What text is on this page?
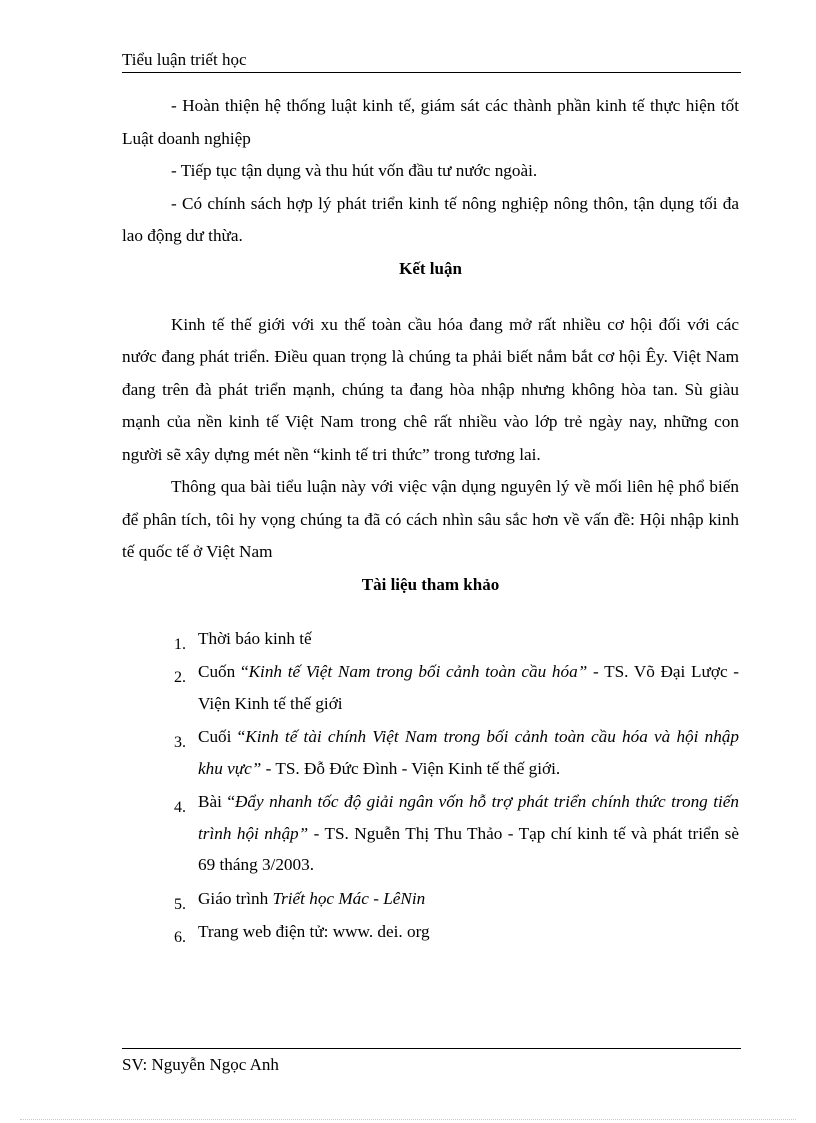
Tiểu luận triết học

- Hoàn thiện hệ thống luật kinh tế, giám sát các thành phần kinh tế thực hiện tốt Luật doanh nghiệp

- Tiếp tục tận dụng và thu hút vốn đầu tư nước ngoài.

- Có chính sách hợp lý phát triển kinh tế nông nghiệp nông thôn, tận dụng tối đa lao động dư thừa.

Kết luận

Kinh tế thế giới với xu thế toàn cầu hóa đang mở rất nhiều cơ hội đối với các nước đang phát triển. Điều quan trọng là chúng ta phải biết nắm bắt cơ hội Êy. Việt Nam đang trên đà phát triển mạnh, chúng ta đang hòa nhập nhưng không hòa tan. Sù giàu mạnh của nền kinh tế Việt Nam trong chê rất nhiều vào lớp trẻ ngày nay, những con người sẽ xây dựng mét nền “kinh tế tri thức” trong tương lai.

Thông qua bài tiểu luận này với việc vận dụng nguyên lý về mối liên hệ phổ biến để phân tích, tôi hy vọng chúng ta đã có cách nhìn sâu sắc hơn về vấn đề: Hội nhập kinh tế quốc tế ở Việt Nam

Tài liệu tham khảo
1. Thời báo kinh tế
2. Cuốn “Kinh tế Việt Nam trong bối cảnh toàn cầu hóa” - TS. Võ Đại Lược - Viện Kinh tế thế giới
3. Cuối “Kinh tế tài chính Việt Nam trong bối cảnh toàn cầu hóa và hội nhập khu vực” - TS. Đỗ Đức Đình - Viện Kinh tế thế giới.
4. Bài “Đẩy nhanh tốc độ giải ngân vốn hỗ trợ phát triển chính thức trong tiến trình hội nhập” - TS. Nguễn Thị Thu Thảo - Tạp chí kinh tế và phát triển sè 69 tháng 3/2003.
5. Giáo trình Triết học Mác - LêNin
6. Trang web điện tử: www. dei. org
SV: Nguyễn Ngọc Anh
